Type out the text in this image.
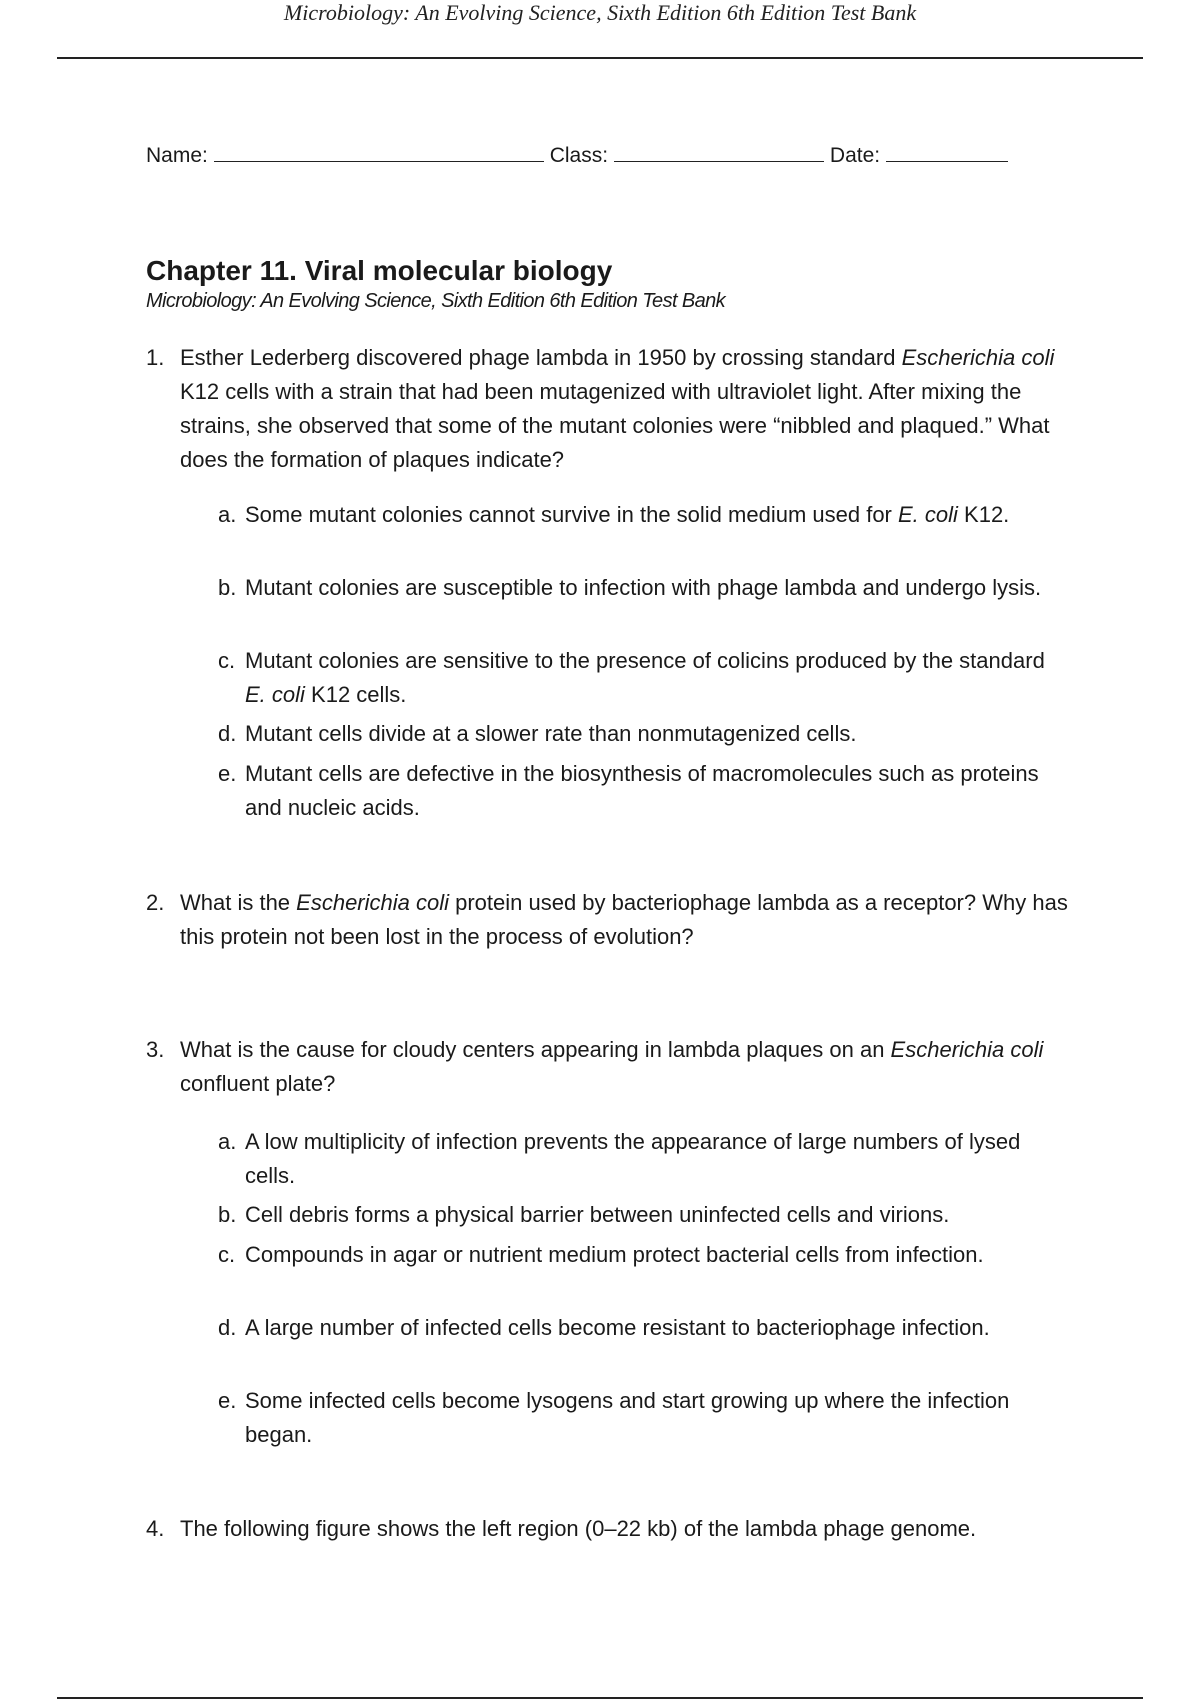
Microbiology: An Evolving Science, Sixth Edition 6th Edition Test Bank
Name:	Class:	Date:
Chapter 11. Viral molecular biology
Microbiology: An Evolving Science, Sixth Edition 6th Edition Test Bank
1. Esther Lederberg discovered phage lambda in 1950 by crossing standard Escherichia coli K12 cells with a strain that had been mutagenized with ultraviolet light. After mixing the strains, she observed that some of the mutant colonies were “nibbled and plaqued.” What does the formation of plaques indicate?
a. Some mutant colonies cannot survive in the solid medium used for E. coli K12.
b. Mutant colonies are susceptible to infection with phage lambda and undergo lysis.
c. Mutant colonies are sensitive to the presence of colicins produced by the standard E. coli K12 cells.
d. Mutant cells divide at a slower rate than nonmutagenized cells.
e. Mutant cells are defective in the biosynthesis of macromolecules such as proteins and nucleic acids.
2. What is the Escherichia coli protein used by bacteriophage lambda as a receptor? Why has this protein not been lost in the process of evolution?
3. What is the cause for cloudy centers appearing in lambda plaques on an Escherichia coli confluent plate?
a. A low multiplicity of infection prevents the appearance of large numbers of lysed cells.
b. Cell debris forms a physical barrier between uninfected cells and virions.
c. Compounds in agar or nutrient medium protect bacterial cells from infection.
d. A large number of infected cells become resistant to bacteriophage infection.
e. Some infected cells become lysogens and start growing up where the infection began.
4. The following figure shows the left region (0–22 kb) of the lambda phage genome.
